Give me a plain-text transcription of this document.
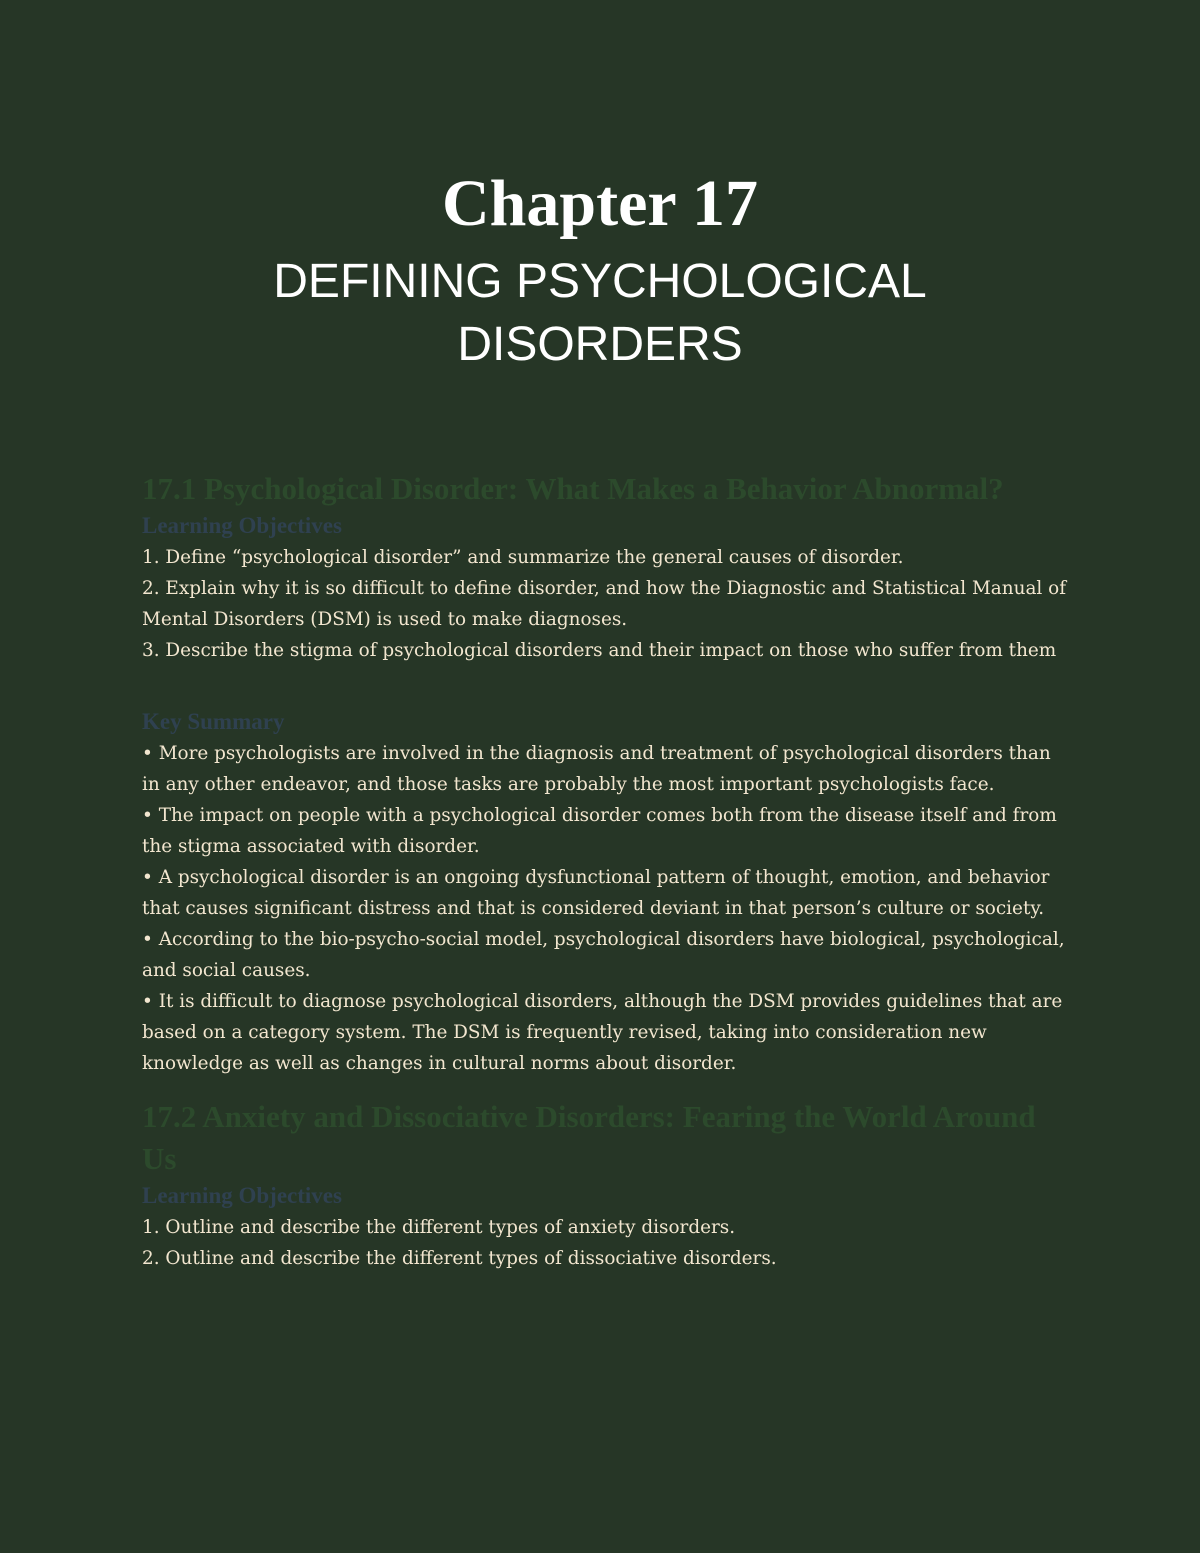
Chapter 17
DEFINING PSYCHOLOGICAL DISORDERS
17.1 Psychological Disorder: What Makes a Behavior Abnormal?
Learning Objectives

1. Define “psychological disorder” and summarize the general causes of disorder.

2. Explain why it is so difficult to define disorder, and how the Diagnostic and Statistical Manual of Mental Disorders (DSM) is used to make diagnoses.

3. Describe the stigma of psychological disorders and their impact on those who suffer from them

Key Summary

• More psychologists are involved in the diagnosis and treatment of psychological disorders than in any other endeavor, and those tasks are probably the most important psychologists face.

• The impact on people with a psychological disorder comes both from the disease itself and from the stigma associated with disorder.

• A psychological disorder is an ongoing dysfunctional pattern of thought, emotion, and behavior that causes significant distress and that is considered deviant in that person’s culture or society.

• According to the bio-psycho-social model, psychological disorders have biological, psychological, and social causes.

• It is difficult to diagnose psychological disorders, although the DSM provides guidelines that are based on a category system. The DSM is frequently revised, taking into consideration new knowledge as well as changes in cultural norms about disorder.

17.2 Anxiety and Dissociative Disorders: Fearing the World Around Us
Learning Objectives

1. Outline and describe the different types of anxiety disorders.

2. Outline and describe the different types of dissociative disorders.
